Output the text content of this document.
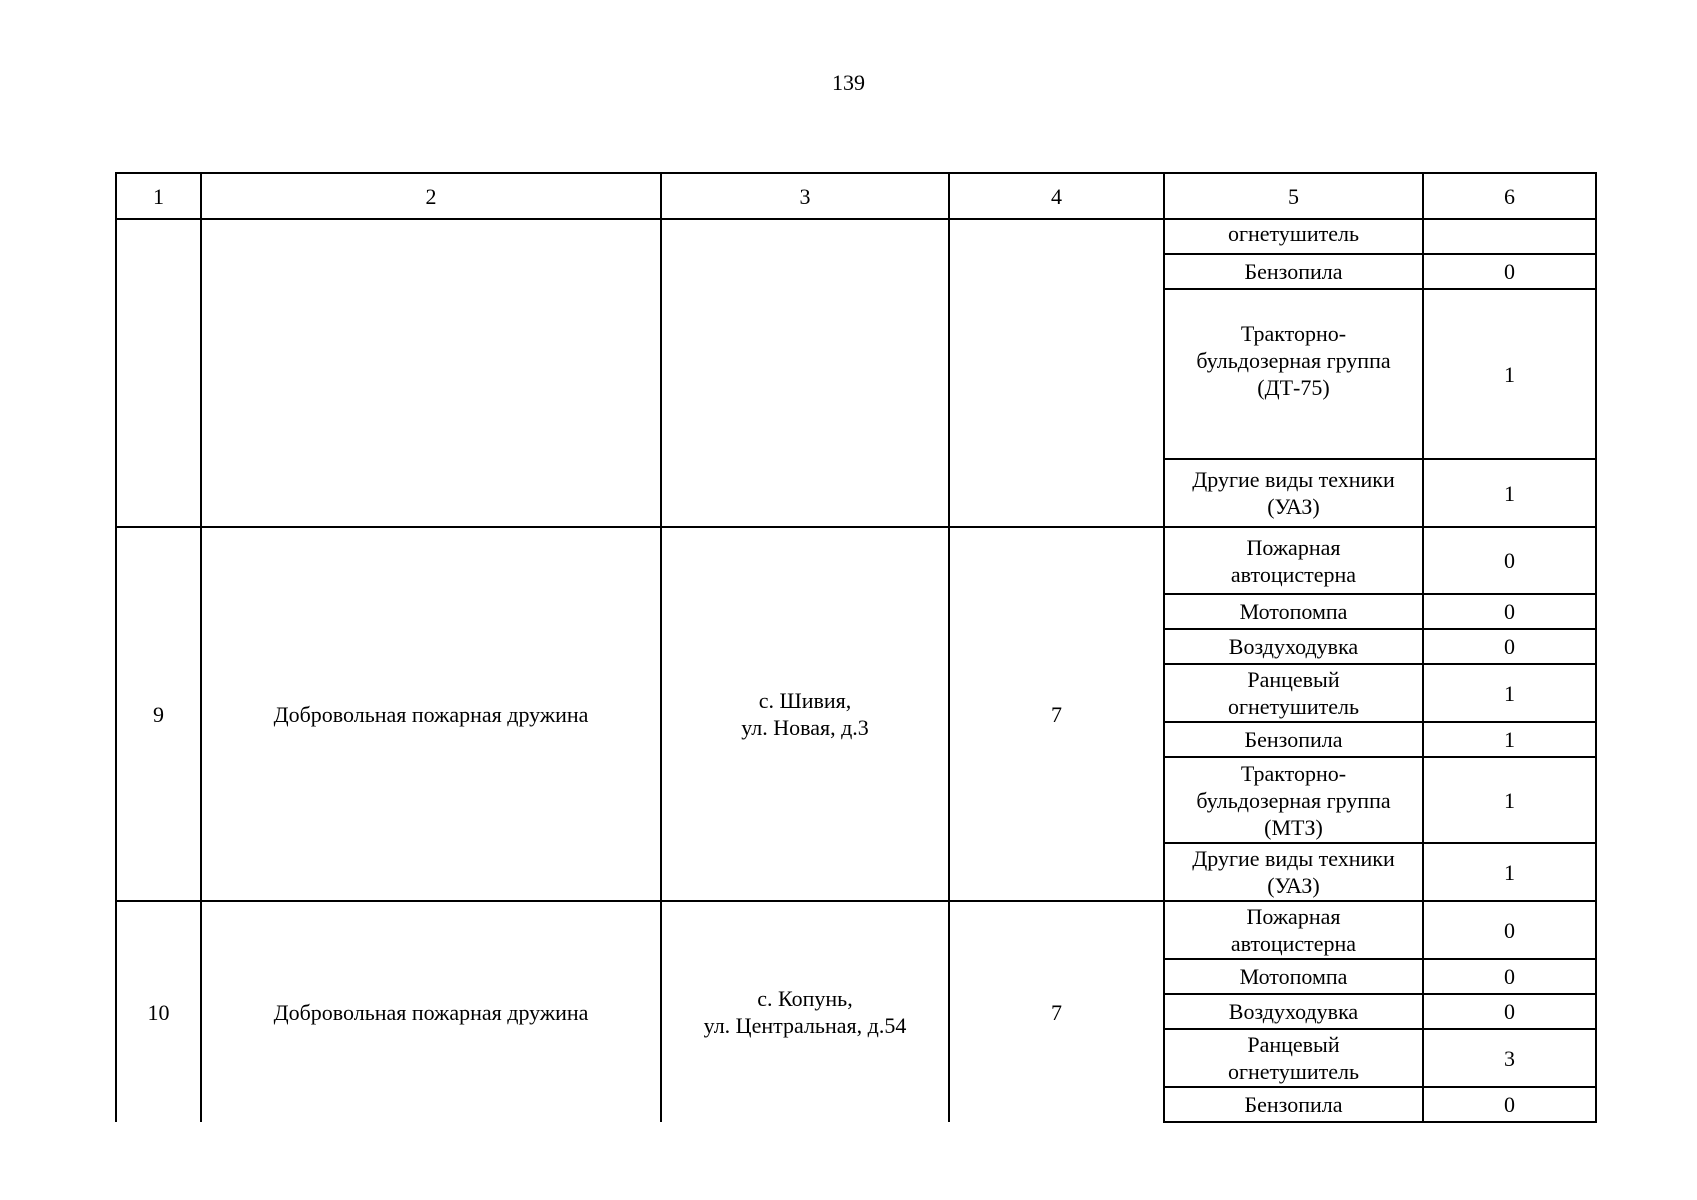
139
1	2	3	4	5	6
				огнетушитель	
				Бензопила	0

				Тракторно-
бульдозерная группа
(ДТ-75)	1

				Другие виды техники
(УАЗ)	1
9	Добровольная пожарная дружина	с. Шивия,
ул. Новая, д.3	7	Пожарная
автоцистерна	0
				Мотопомпа	0
				Воздуходувка	0

				Ранцевый
огнетушитель	1
				Бензопила	1

				Тракторно-
бульдозерная группа
(МТЗ)	1

				Другие виды техники
(УАЗ)	1
10	Добровольная пожарная дружина	с. Копунь,
ул. Центральная, д.54	7	Пожарная
автоцистерна	0
				Мотопомпа	0
				Воздуходувка	0

				Ранцевый
огнетушитель	3
				Бензопила	0
